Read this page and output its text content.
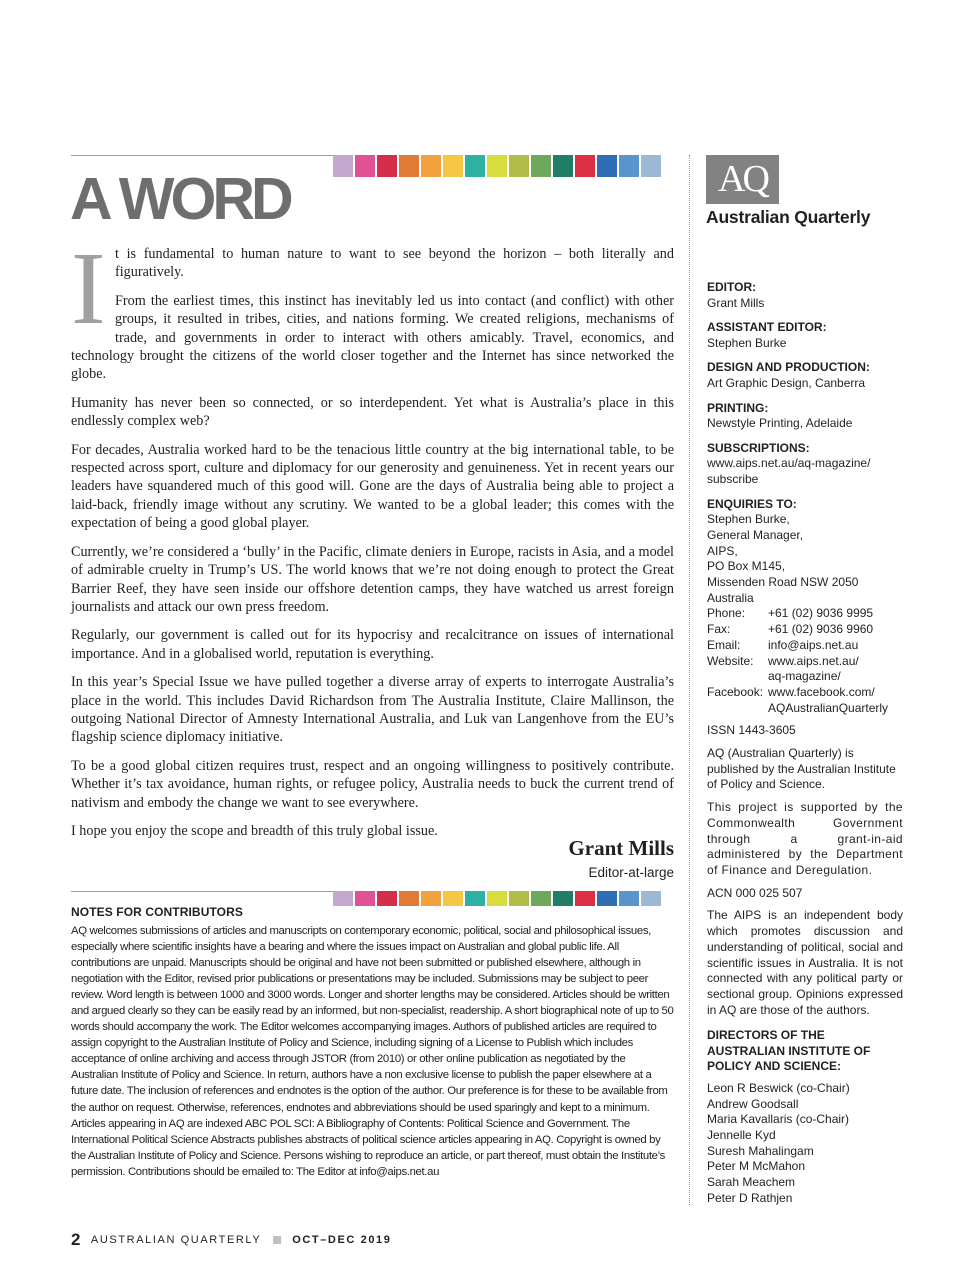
A WORD
I t is fundamental to human nature to want to see beyond the horizon – both literally and figuratively.

From the earliest times, this instinct has inevitably led us into contact (and conflict) with other groups, it resulted in tribes, cities, and nations forming. We created religions, mechanisms of trade, and governments in order to interact with others amicably. Travel, economics, and technology brought the citizens of the world closer together and the Internet has since networked the globe.

Humanity has never been so connected, or so interdependent. Yet what is Australia’s place in this endlessly complex web?

For decades, Australia worked hard to be the tenacious little country at the big international table, to be respected across sport, culture and diplomacy for our generosity and genuineness. Yet in recent years our leaders have squandered much of this good will. Gone are the days of Australia being able to project a laid-back, friendly image without any scrutiny. We wanted to be a global leader; this comes with the expectation of being a good global player.

Currently, we’re considered a ‘bully’ in the Pacific, climate deniers in Europe, racists in Asia, and a model of admirable cruelty in Trump’s US. The world knows that we’re not doing enough to protect the Great Barrier Reef, they have seen inside our offshore detention camps, they have watched us arrest foreign journalists and attack our own press freedom.

Regularly, our government is called out for its hypocrisy and recalcitrance on issues of international importance. And in a globalised world, reputation is everything.

In this year’s Special Issue we have pulled together a diverse array of experts to interrogate Australia’s place in the world. This includes David Richardson from The Australia Institute, Claire Mallinson, the outgoing National Director of Amnesty International Australia, and Luk van Langenhove from the EU’s flagship science diplomacy initiative.

To be a good global citizen requires trust, respect and an ongoing willingness to positively contribute. Whether it’s tax avoidance, human rights, or refugee policy, Australia needs to buck the current trend of nativism and embody the change we want to see everywhere.

I hope you enjoy the scope and breadth of this truly global issue.

Grant Mills
Editor-at-large
NOTES FOR CONTRIBUTORS

AQ welcomes submissions of articles and manuscripts on contemporary economic, political, social and philosophical issues, especially where scientific insights have a bearing and where the issues impact on Australian and global public life. All contributions are unpaid. Manuscripts should be original and have not been submitted or published elsewhere, although in negotiation with the Editor, revised prior publications or presentations may be included. Submissions may be subject to peer review. Word length is between 1000 and 3000 words. Longer and shorter lengths may be considered. Articles should be written and argued clearly so they can be easily read by an informed, but non-specialist, readership. A short biographical note of up to 50 words should accompany the work. The Editor welcomes accompanying images. Authors of published articles are required to assign copyright to the Australian Institute of Policy and Science, including signing of a License to Publish which includes acceptance of online archiving and access through JSTOR (from 2010) or other online publication as negotiated by the Australian Institute of Policy and Science. In return, authors have a non exclusive license to publish the paper elsewhere at a future date. The inclusion of references and endnotes is the option of the author. Our preference is for these to be available from the author on request. Otherwise, references, endnotes and abbreviations should be used sparingly and kept to a minimum. Articles appearing in AQ are indexed ABC POL SCI: A Bibliography of Contents: Political Science and Government. The International Political Science Abstracts publishes abstracts of political science articles appearing in AQ. Copyright is owned by the Australian Institute of Policy and Science. Persons wishing to reproduce an article, or part thereof, must obtain the Institute’s permission. Contributions should be emailed to: The Editor at info@aips.net.au

AQ
Australian Quarterly
EDITOR:
Grant Mills
ASSISTANT EDITOR:
Stephen Burke
DESIGN AND PRODUCTION:
Art Graphic Design, Canberra
PRINTING:
Newstyle Printing, Adelaide
SUBSCRIPTIONS:
www.aips.net.au/aq-magazine/
subscribe
ENQUIRIES TO:
Stephen Burke,
General Manager,
AIPS,
PO Box M145,
Missenden Road NSW 2050 Australia
Phone:	+61 (02) 9036 9995
Fax:	+61 (02) 9036 9960
Email:	info@aips.net.au
Website:	www.aips.net.au/
aq-magazine/
Facebook: www.facebook.com/
AQAustralianQuarterly
ISSN 1443-3605
AQ (Australian Quarterly) is published by the Australian Institute of Policy and Science.
This project is supported by the Commonwealth Government through a grant-in-aid administered by the Department of Finance and Deregulation.
ACN 000 025 507
The AIPS is an independent body which promotes discussion and understanding of political, social and scientific issues in Australia. It is not connected with any political party or sectional group. Opinions expressed in AQ are those of the authors.
DIRECTORS OF THE AUSTRALIAN INSTITUTE OF POLICY AND SCIENCE:
Leon R Beswick (co-Chair)
Andrew Goodsall
Maria Kavallaris (co-Chair)
Jennelle Kyd
Suresh Mahalingam
Peter M McMahon
Sarah Meachem
Peter D Rathjen
2 AUSTRALIAN QUARTERLY	OCT–DEC 2019
